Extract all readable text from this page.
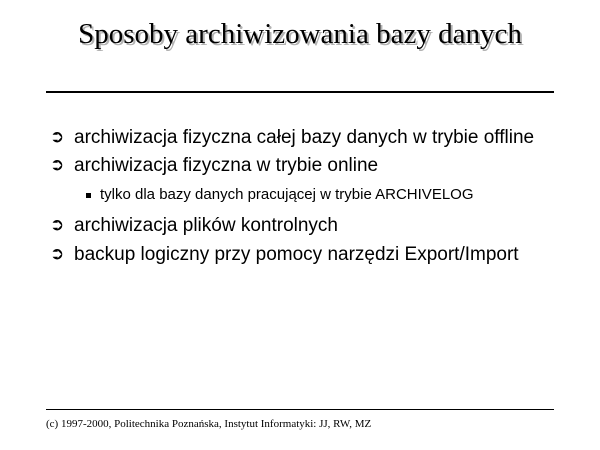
Sposoby archiwizowania bazy danych
➲ archiwizacja fizyczna całej bazy danych w trybie offline
➲ archiwizacja fizyczna w trybie online
tylko dla bazy danych pracującej w trybie ARCHIVELOG
➲ archiwizacja plików kontrolnych
➲ backup logiczny przy pomocy narzędzi Export/Import
(c) 1997-2000, Politechnika Poznańska, Instytut Informatyki: JJ, RW, MZ
